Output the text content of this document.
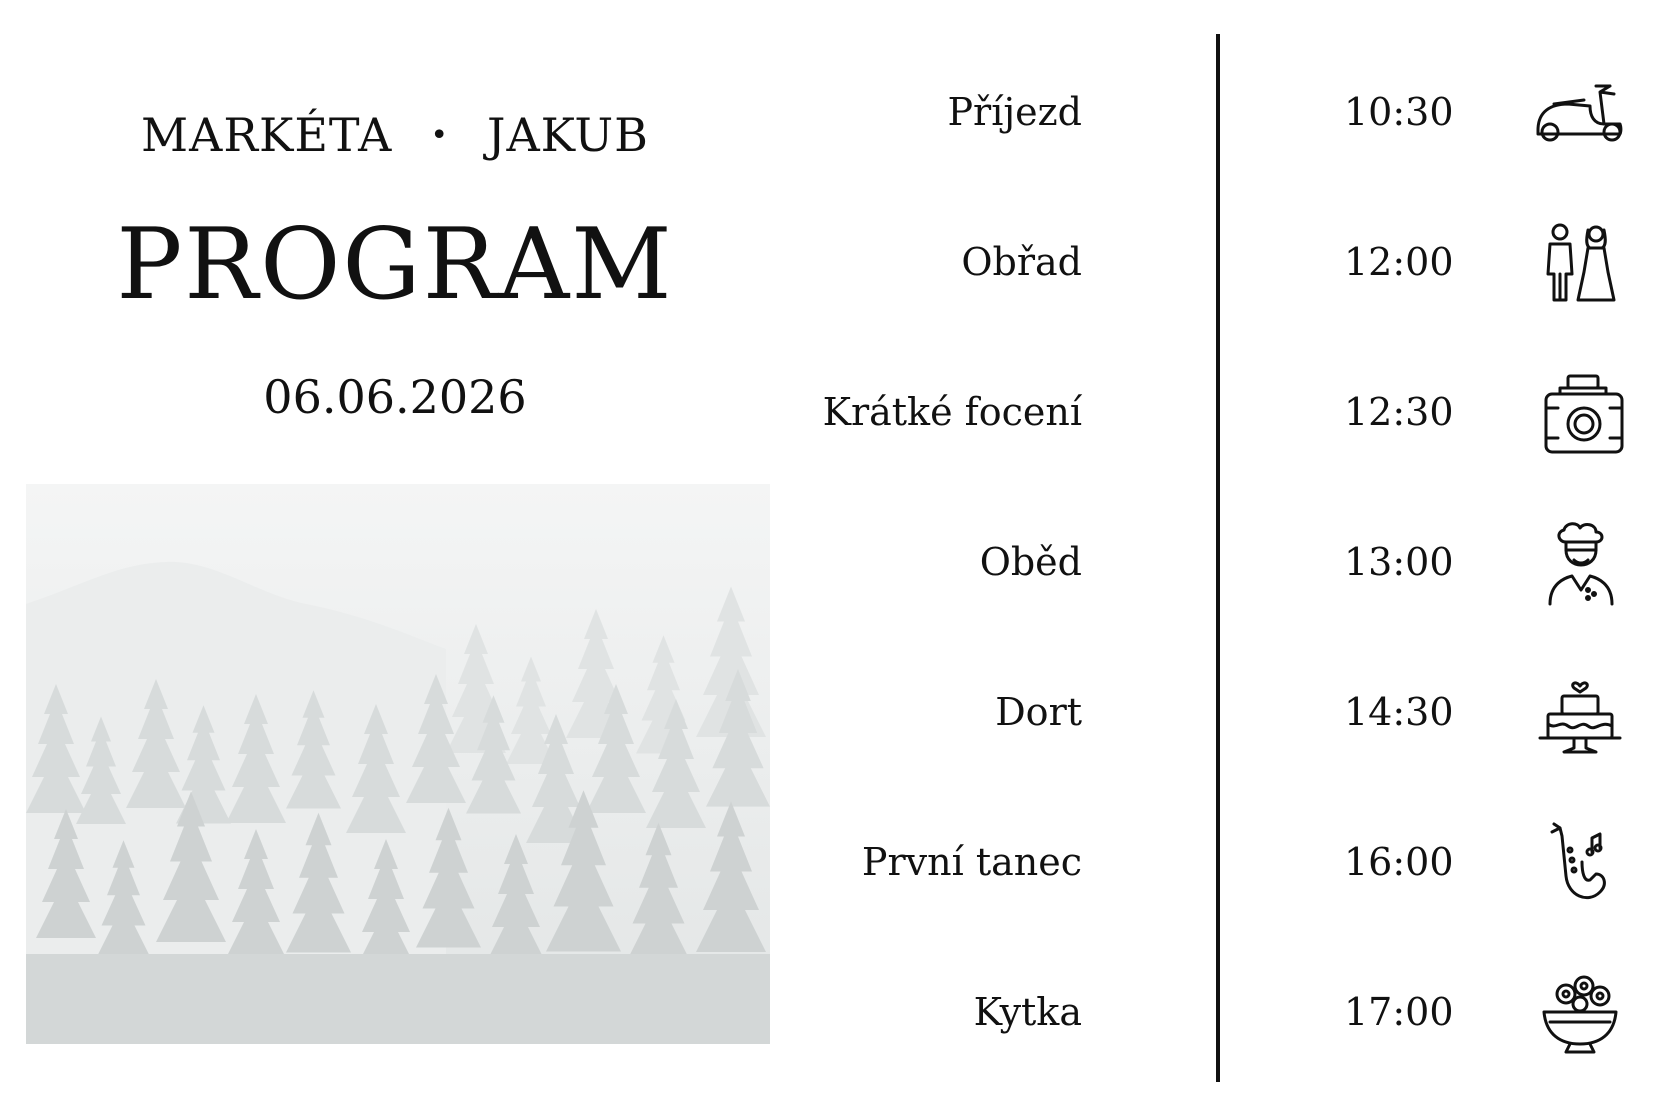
MARKÉTA • JAKUB
PROGRAM
06.06.2026
Příjezd	10:30
Obřad	12:00
Krátké focení	12:30
Oběd	13:00
Dort	14:30
První tanec	16:00
Kytka	17:00
